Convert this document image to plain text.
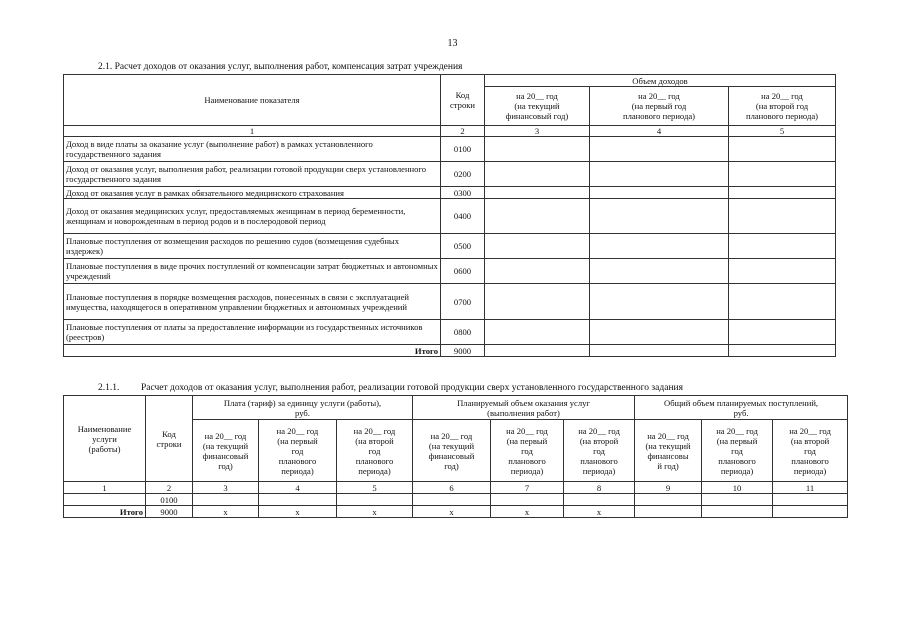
13
2.1. Расчет доходов от оказания услуг, выполнения работ, компенсация затрат учреждения
Наименование показателя	Код строки	Объем доходов		
		на 20__ год
(на текущий
финансовый год)	на 20__ год
(на первый год
планового периода)	на 20__ год
(на второй год
планового периода)
1	2	3	4	5
Доход в виде платы за оказание услуг (выполнение работ) в рамках установленного государственного задания	0100			
Доход от оказания услуг, выполнения работ, реализации готовой продукции сверх установленного государственного задания	0200			
Доход от оказания услуг в рамках обязательного медицинского страхования	0300			
Доход от оказания медицинских услуг, предоставляемых женщинам в период беременности, женщинам и новорожденным в период родов и в послеродовой период	0400			
Плановые поступления от возмещения расходов по решению судов (возмещения судебных издержек)	0500			
Плановые поступления в виде прочих поступлений от компенсации затрат бюджетных и автономных учреждений	0600			
Плановые поступления в порядке возмещения расходов, понесенных в связи с эксплуатацией имущества, находящегося в оперативном управлении бюджетных и автономных учреждений	0700			
Плановые поступления от платы за предоставление информации из государственных источников (реестров)	0800			
Итого	9000			
2.1.1. Расчет доходов от оказания услуг, выполнения работ, реализации готовой продукции сверх установленного государственного задания
Наименование
услуги
(работы)	Код
строки	Плата (тариф) за единицу услуги (работы),
руб.			Планируемый объем оказания услуг
(выполнения работ)			Общий объем планируемых поступлений,
руб.		
		на 20__ год
(на текущий
финансовый
год)	на 20__ год
(на первый
год
планового
периода)	на 20__ год
(на второй
год
планового
периода)	на 20__ год
(на текущий
финансовый
год)	на 20__ год
(на первый
год
планового
периода)	на 20__ год
(на второй
год
планового
периода)	на 20__ год
(на текущий
финансовы
й год)	на 20__ год
(на первый
год
планового
периода)	на 20__ год
(на второй
год
планового
периода)
1	2	3	4	5	6	7	8	9	10	11
	0100									
Итого	9000	х	х	х	х	х	х			
